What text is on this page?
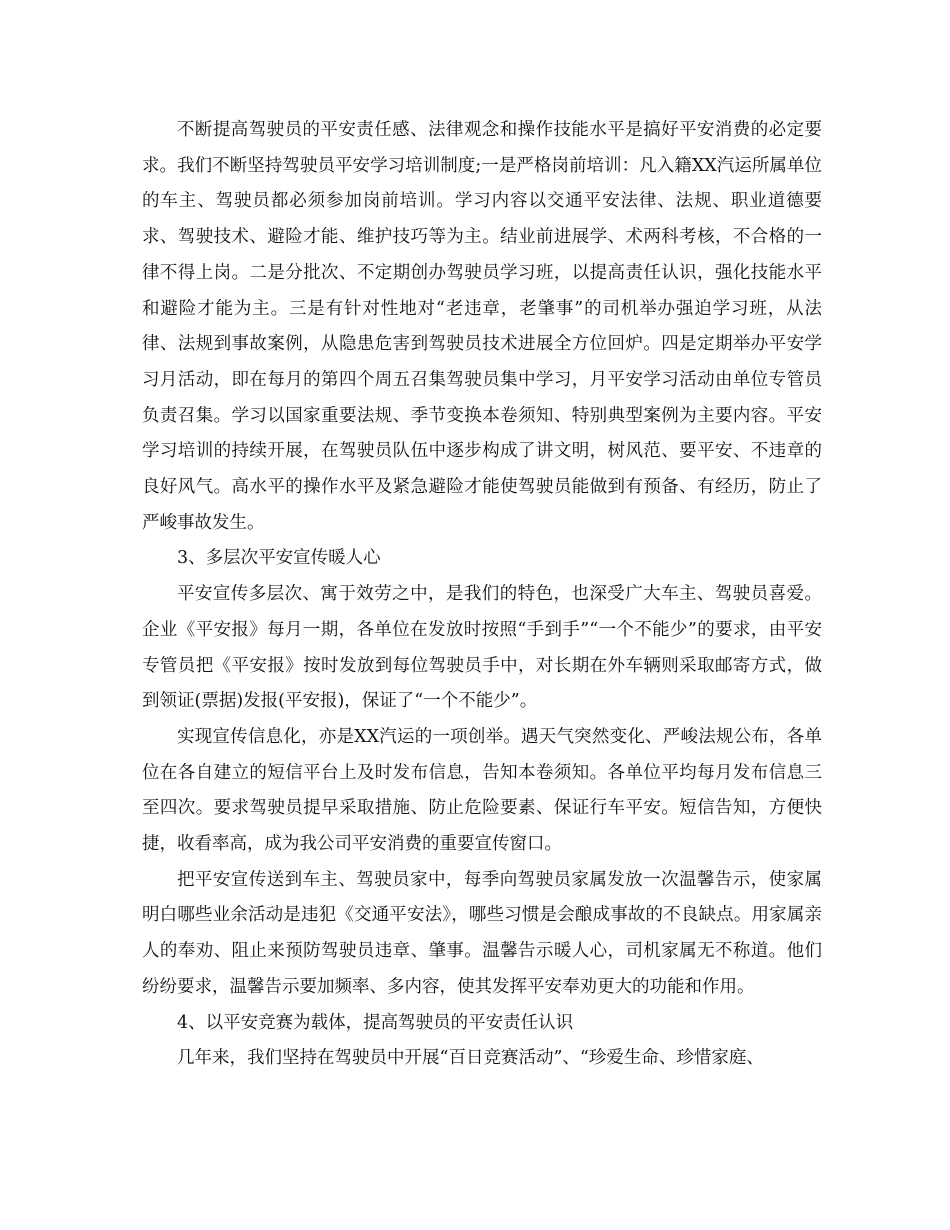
不断提高驾驶员的平安责任感、法律观念和操作技能水平是搞好平安消费的必定要求。我们不断坚持驾驶员平安学习培训制度;一是严格岗前培训：凡入籍XX汽运所属单位的车主、驾驶员都必须参加岗前培训。学习内容以交通平安法律、法规、职业道德要求、驾驶技术、避险才能、维护技巧等为主。结业前进展学、术两科考核，不合格的一律不得上岗。二是分批次、不定期创办驾驶员学习班，以提高责任认识，强化技能水平和避险才能为主。三是有针对性地对“老违章，老肇事”的司机举办强迫学习班，从法律、法规到事故案例，从隐患危害到驾驶员技术进展全方位回炉。四是定期举办平安学习月活动，即在每月的第四个周五召集驾驶员集中学习，月平安学习活动由单位专管员负责召集。学习以国家重要法规、季节变换本卷须知、特别典型案例为主要内容。平安学习培训的持续开展，在驾驶员队伍中逐步构成了讲文明，树风范、要平安、不违章的良好风气。高水平的操作水平及紧急避险才能使驾驶员能做到有预备、有经历，防止了严峻事故发生。

3、多层次平安宣传暖人心

平安宣传多层次、寓于效劳之中，是我们的特色，也深受广大车主、驾驶员喜爱。企业《平安报》每月一期，各单位在发放时按照“手到手”“一个不能少”的要求，由平安专管员把《平安报》按时发放到每位驾驶员手中，对长期在外车辆则采取邮寄方式，做到领证(票据)发报(平安报)，保证了“一个不能少”。

实现宣传信息化，亦是XX汽运的一项创举。遇天气突然变化、严峻法规公布，各单位在各自建立的短信平台上及时发布信息，告知本卷须知。各单位平均每月发布信息三至四次。要求驾驶员提早采取措施、防止危险要素、保证行车平安。短信告知，方便快捷，收看率高，成为我公司平安消费的重要宣传窗口。

把平安宣传送到车主、驾驶员家中，每季向驾驶员家属发放一次温馨告示，使家属明白哪些业余活动是违犯《交通平安法》，哪些习惯是会酿成事故的不良缺点。用家属亲人的奉劝、阻止来预防驾驶员违章、肇事。温馨告示暖人心，司机家属无不称道。他们纷纷要求，温馨告示要加频率、多内容，使其发挥平安奉劝更大的功能和作用。

4、以平安竞赛为载体，提高驾驶员的平安责任认识

几年来，我们坚持在驾驶员中开展“百日竞赛活动”、“珍爱生命、珍惜家庭、
